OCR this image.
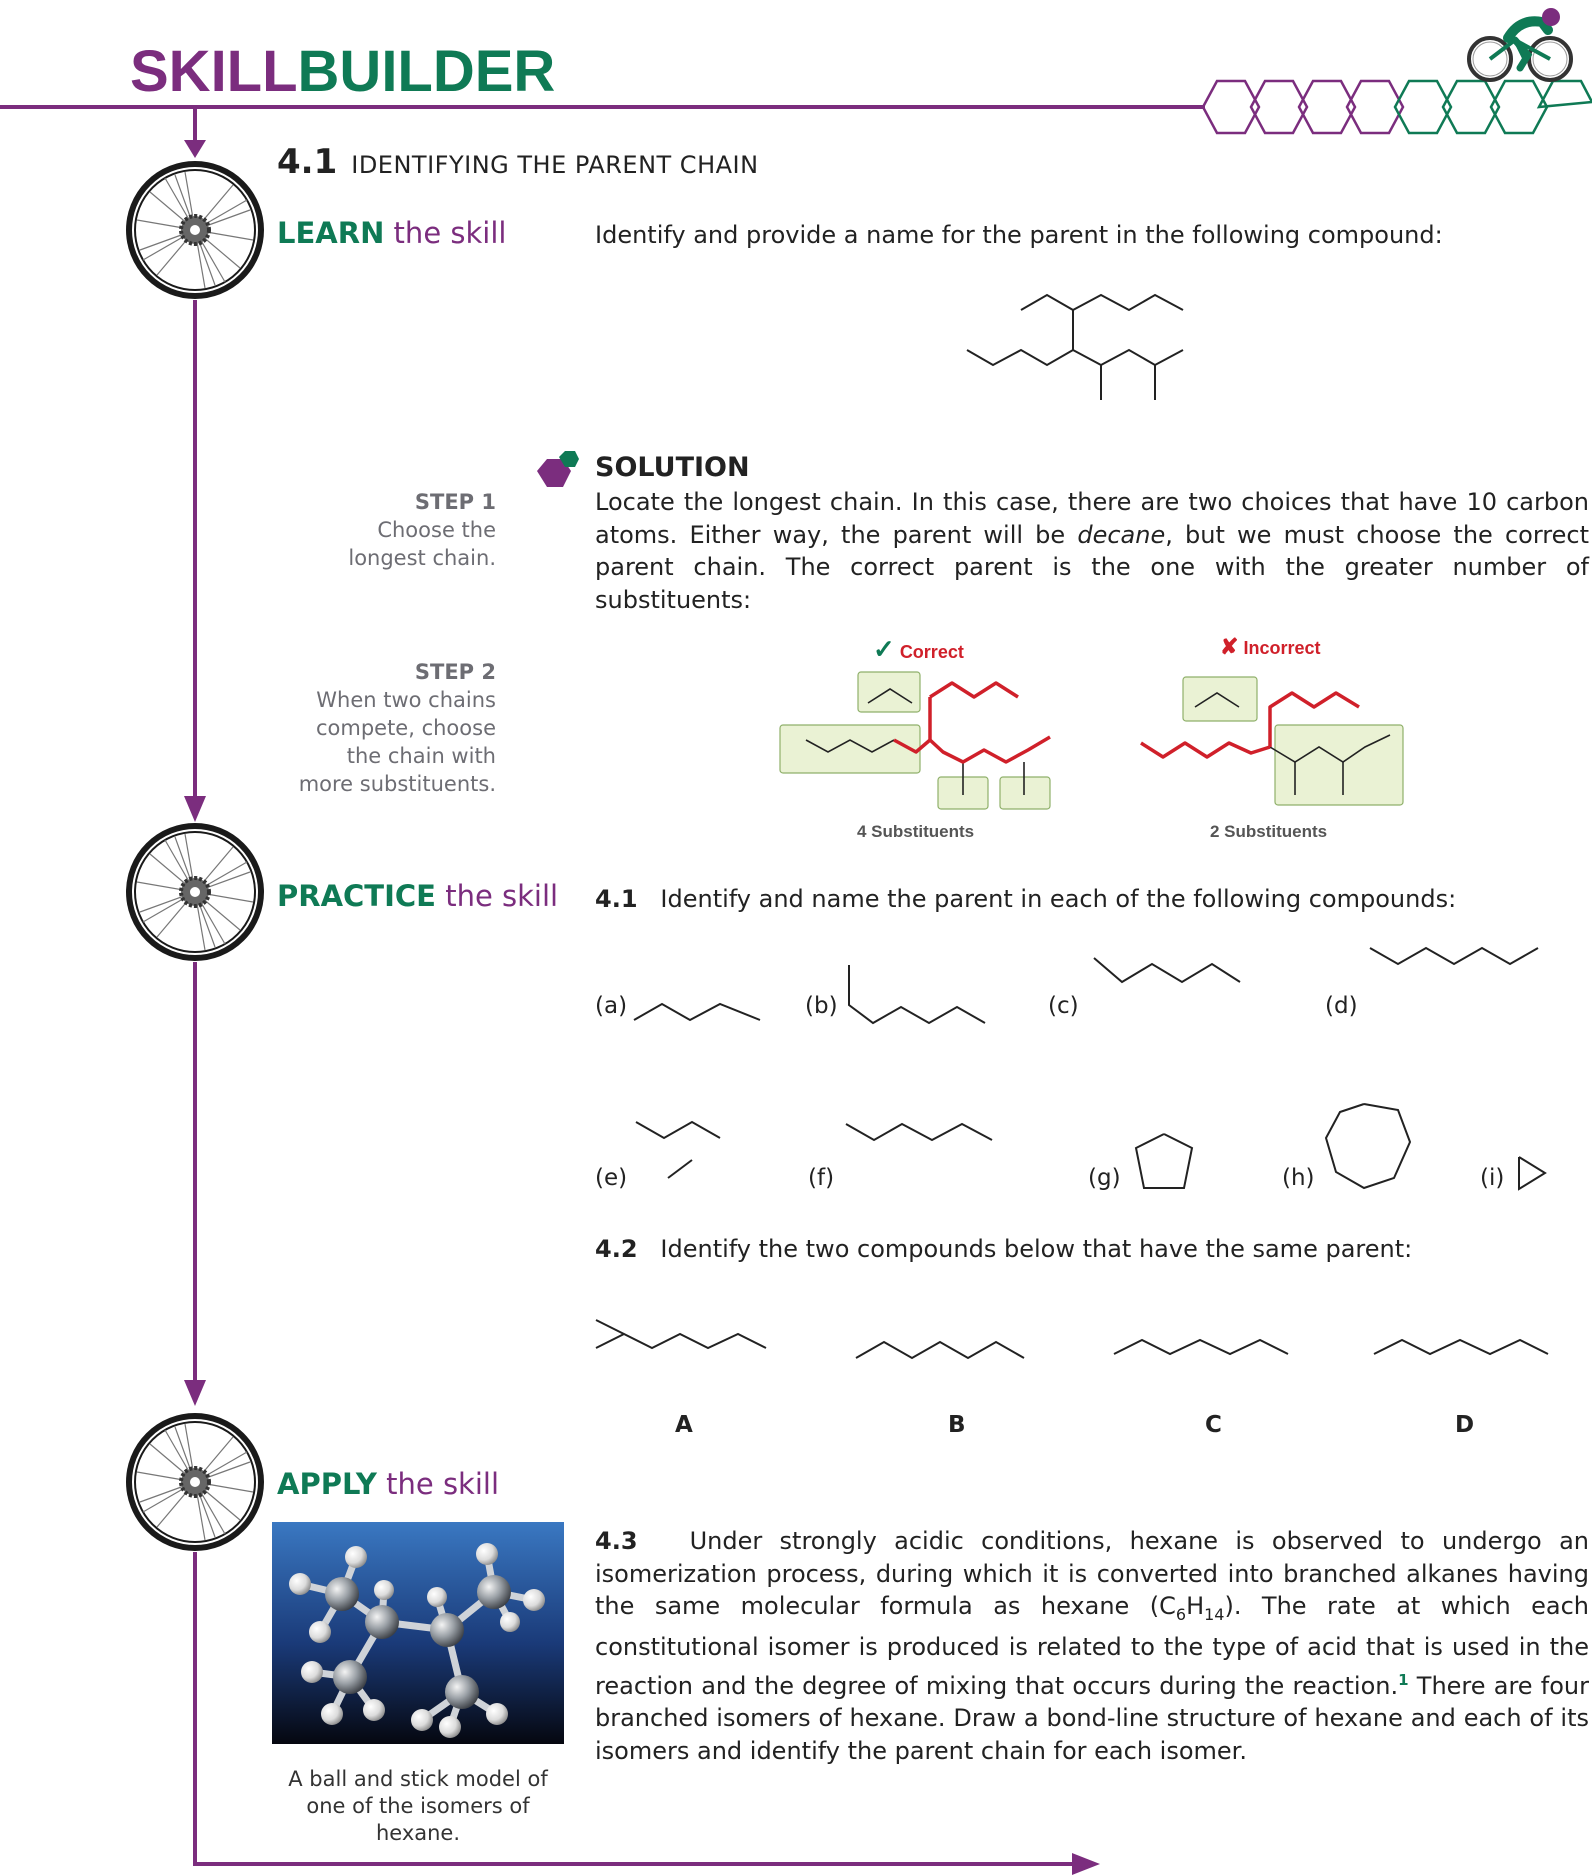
SKILLBUILDER
4.1 IDENTIFYING THE PARENT CHAIN
LEARN the skill	Identify and provide a name for the parent in the following compound:
SOLUTION
STEP 1
Choose the longest chain.
Locate the longest chain. In this case, there are two choices that have 10 carbon atoms. Either way, the parent will be decane, but we must choose the correct parent chain. The correct parent is the one with the greater number of substituents:
STEP 2
When two chains compete, choose the chain with more substituents.
✓ Correct	✘ Incorrect
4 Substituents	2 Substituents
PRACTICE the skill 4.1 Identify and name the parent in each of the following compounds:
(a)	(b)	(c)	(d)
(e)	(f)	(g)	(h)	(i)
4.2 Identify the two compounds below that have the same parent:
A	B	C	D
APPLY the skill
A ball and stick model of one of the isomers of hexane.
4.3 Under strongly acidic conditions, hexane is observed to undergo an isomerization process, during which it is converted into branched alkanes having the same molecular formula as hexane $(C_6H_{14})$. The rate at which each constitutional isomer is produced is related to the type of acid that is used in the reaction and the degree of mixing that occurs during the reaction.$^1$ There are four branched isomers of hexane. Draw a bond-line structure of hexane and each of its isomers and identify the parent chain for each isomer.
